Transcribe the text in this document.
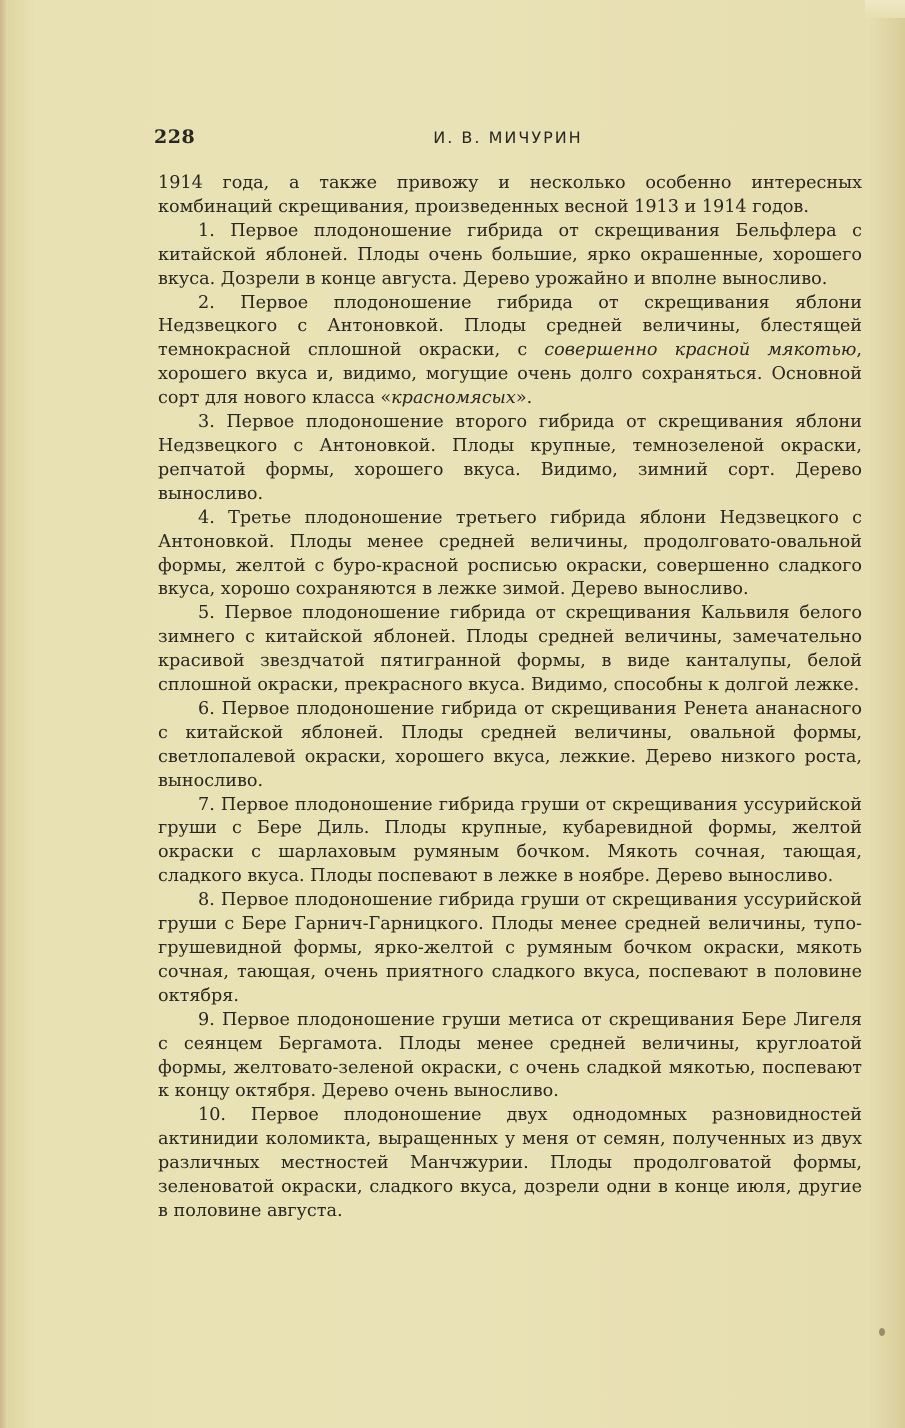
228	И. В. МИЧУРИН

1914 года, а также привожу и несколько особенно интересных комбинаций скрещивания, произведенных весной 1913 и 1914 годов.

1. Первое плодоношение гибрида от скрещивания Бельфлера с китайской яблоней. Плоды очень большие, ярко окрашенные, хорошего вкуса. Дозрели в конце августа. Дерево урожайно и вполне выносливо.

2. Первое плодоношение гибрида от скрещивания яблони Недзвецкого с Антоновкой. Плоды средней величины, блестящей темнокрасной сплошной окраски, с совершенно красной мякотью, хорошего вкуса и, видимо, могущие очень долго сохраняться. Основной сорт для нового класса «красномясых».

3. Первое плодоношение второго гибрида от скрещивания яблони Недзвецкого с Антоновкой. Плоды крупные, темнозеленой окраски, репчатой формы, хорошего вкуса. Видимо, зимний сорт. Дерево выносливо.

4. Третье плодоношение третьего гибрида яблони Недзвецкого с Антоновкой. Плоды менее средней величины, продолговато-овальной формы, желтой с буро-красной росписью окраски, совершенно сладкого вкуса, хорошо сохраняются в лежке зимой. Дерево выносливо.

5. Первое плодоношение гибрида от скрещивания Кальвиля белого зимнего с китайской яблоней. Плоды средней величины, замечательно красивой звездчатой пятигранной формы, в виде канталупы, белой сплошной окраски, прекрасного вкуса. Видимо, способны к долгой лежке.

6. Первое плодоношение гибрида от скрещивания Ренета ананасного с китайской яблоней. Плоды средней величины, овальной формы, светлопалевой окраски, хорошего вкуса, лежкие. Дерево низкого роста, выносливо.

7. Первое плодоношение гибрида груши от скрещивания уссурийской груши с Бере Диль. Плоды крупные, кубаревидной формы, желтой окраски с шарлаховым румяным бочком. Мякоть сочная, тающая, сладкого вкуса. Плоды поспевают в лежке в ноябре. Дерево выносливо.

8. Первое плодоношение гибрида груши от скрещивания уссурийской груши с Бере Гарнич-Гарницкого. Плоды менее средней величины, тупо-грушевидной формы, ярко-желтой с румяным бочком окраски, мякоть сочная, тающая, очень приятного сладкого вкуса, поспевают в половине октября.

9. Первое плодоношение груши метиса от скрещивания Бере Лигеля с сеянцем Бергамота. Плоды менее средней величины, круглоатой формы, желтовато-зеленой окраски, с очень сладкой мякотью, поспевают к концу октября. Дерево очень выносливо.

10. Первое плодоношение двух однодомных разновидностей актинидии коломикта, выращенных у меня от семян, полученных из двух различных местностей Манчжурии. Плоды продолговатой формы, зеленоватой окраски, сладкого вкуса, дозрели одни в конце июля, другие в половине августа.
